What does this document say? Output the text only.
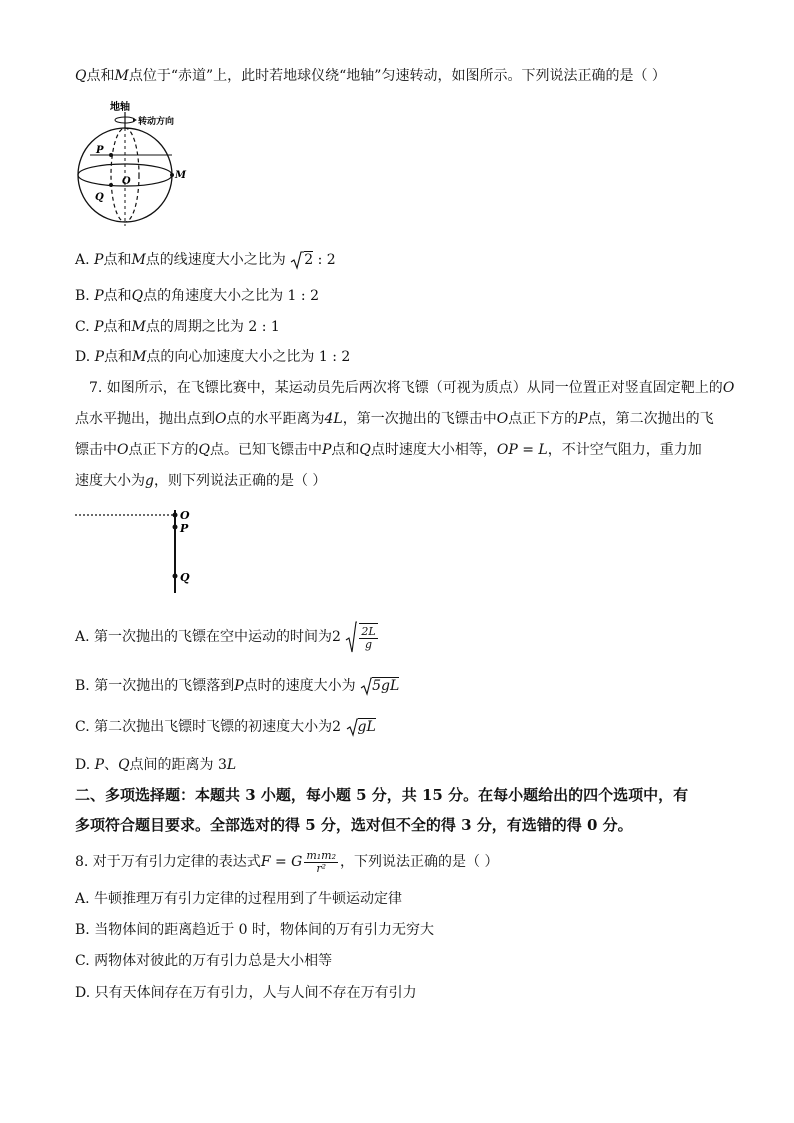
Q点和M点位于“赤道”上，此时若地球仪绕“地轴”匀速转动，如图所示。下列说法正确的是（ ）
地轴
转动方向
P
O
M
Q
A. P点和M点的线速度大小之比为 2 : 2
B. P点和Q点的角速度大小之比为 1 : 2
C. P点和M点的周期之比为 2 : 1
D. P点和M点的向心加速度大小之比为 1 : 2
7. 如图所示，在飞镖比赛中，某运动员先后两次将飞镖（可视为质点）从同一位置正对竖直固定靶上的O
点水平抛出，抛出点到O点的水平距离为4L，第一次抛出的飞镖击中O点正下方的P点，第二次抛出的飞
镖击中O点正下方的Q点。已知飞镖击中P点和Q点时速度大小相等，OP = L，不计空气阻力，重力加
速度大小为g，则下列说法正确的是（ ）
O
P
Q
A. 第一次抛出的飞镖在空中运动的时间为$2 \frac{2L}{g}$
B. 第一次抛出的飞镖落到P点时的速度大小为 5gL
C. 第二次抛出飞镖时飞镖的初速度大小为2 gL
D. P、Q点间的距离为 3L
二、多项选择题：本题共 3 小题，每小题 5 分，共 15 分。在每小题给出的四个选项中，有
多项符合题目要求。全部选对的得 5 分，选对但不全的得 3 分，有选错的得 0 分。
8. 对于万有引力定律的表达式F = G $\frac{\text{m₁m₂}}{\text{r²}}$ ，下列说法正确的是（ ）
A. 牛顿推理万有引力定律的过程用到了牛顿运动定律
B. 当物体间的距离趋近于 0 时，物体间的万有引力无穷大
C. 两物体对彼此的万有引力总是大小相等
D. 只有天体间存在万有引力，人与人间不存在万有引力
